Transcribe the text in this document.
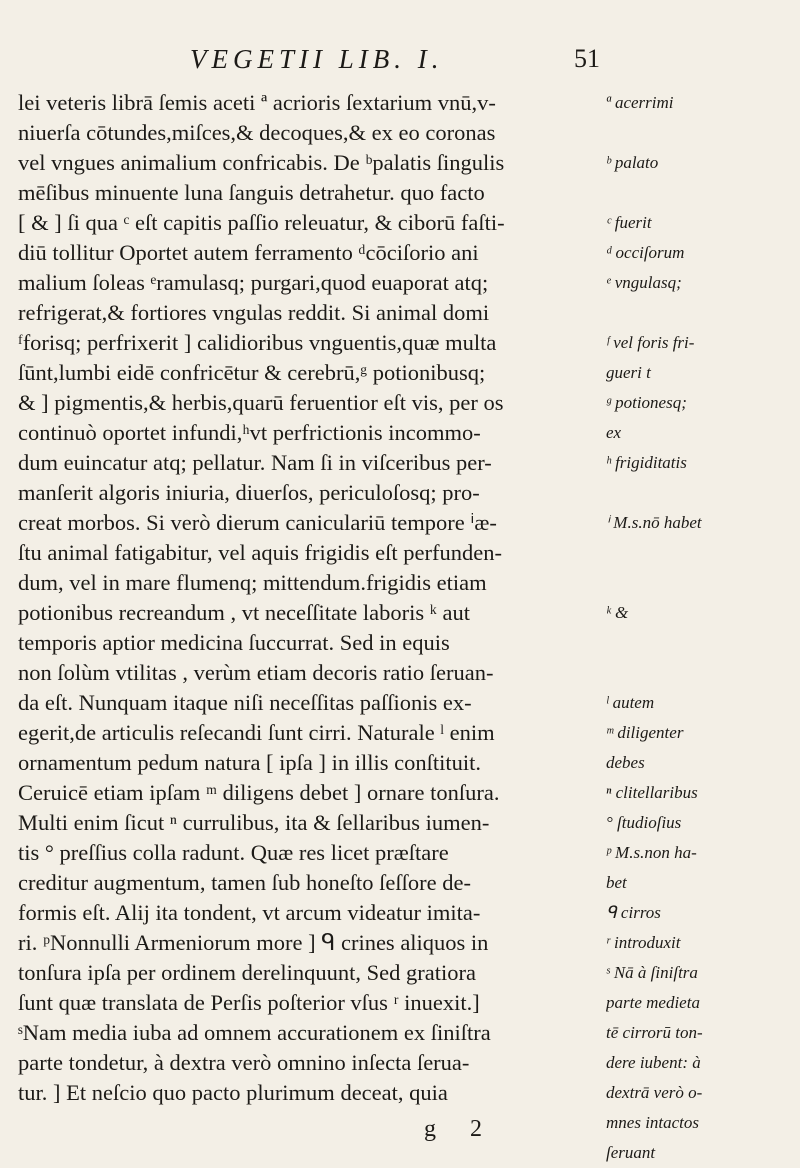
VEGETII LIB. I.	51
lei veteris librā ſemis aceti ª acrioris ſextarium vnū,v-
niuerſa cōtundes,miſces,& decoques,& ex eo coronas
vel vngues animalium confricabis. De ᵇpalatis ſingulis
mēſibus minuente luna ſanguis detrahetur. quo facto
[ & ] ſi qua ᶜ eſt capitis paſſio releuatur, & ciborū faſti-
diū tollitur Oportet autem ferramento ᵈcōciſorio ani
malium ſoleas ᵉramulasq; purgari,quod euaporat atq;
refrigerat,& fortiores vngulas reddit. Si animal domi
ᶠforisq; perfrixerit ] calidioribus vnguentis,quæ multa
ſūnt,lumbi eidē confricētur & cerebrū,ᵍ potionibusq;
& ] pigmentis,& herbis,quarū feruentior eſt vis, per os
continuò oportet infundi,ʰvt perfrictionis incommo-
dum euincatur atq; pellatur. Nam ſi in viſceribus per-
manſerit algoris iniuria, diuerſos, periculoſosq; pro-
creat morbos. Si verò dierum caniculariū tempore ⁱæ-
ſtu animal fatigabitur, vel aquis frigidis eſt perfunden-
dum, vel in mare flumenq; mittendum.frigidis etiam
potionibus recreandum , vt neceſſitate laboris ᵏ aut
temporis aptior medicina ſuccurrat. Sed in equis
non ſolùm vtilitas , verùm etiam decoris ratio ſeruan-
da eſt. Nunquam itaque niſi neceſſitas paſſionis ex-
egerit,de articulis reſecandi ſunt cirri. Naturale ˡ enim
ornamentum pedum natura [ ipſa ] in illis conſtituit.
Ceruicē etiam ipſam ᵐ diligens debet ] ornare tonſura.
Multi enim ſicut ⁿ currulibus, ita & ſellaribus iumen-
tis ° preſſius colla radunt. Quæ res licet præſtare
creditur augmentum, tamen ſub honeſto ſeſſore de-
formis eſt. Alij ita tondent, vt arcum videatur imita-
ri. ᵖNonnulli Armeniorum more ] ᑫ crines aliquos in
tonſura ipſa per ordinem derelinquunt, Sed gratiora
ſunt quæ translata de Perſis poſterior vſus ʳ inuexit.]
ˢNam media iuba ad omnem accurationem ex ſiniſtra
parte tondetur, à dextra verò omnino inſecta ſerua-
tur. ] Et neſcio quo pacto plurimum deceat, quia
ª acerrimi
ᵇ palato
ᶜ fuerit
ᵈ occiſorum
ᵉ vngulasq;
ᶠ vel foris fri-
gueri t
ᵍ potionesq;
ex
ʰ frigiditatis
ⁱ M.s.nō habet
ᵏ &
ˡ autem
ᵐ diligenter
debes
ⁿ clitellaribus
° ſtudioſius
ᵖ M.s.non ha-
bet
ᑫ cirros
ʳ introduxit
ˢ Nā à ſiniſtra
parte medieta
tē cirrorū ton-
dere iubent: à
dextrā verò o-
mnes intactos
ſeruant
g 2
